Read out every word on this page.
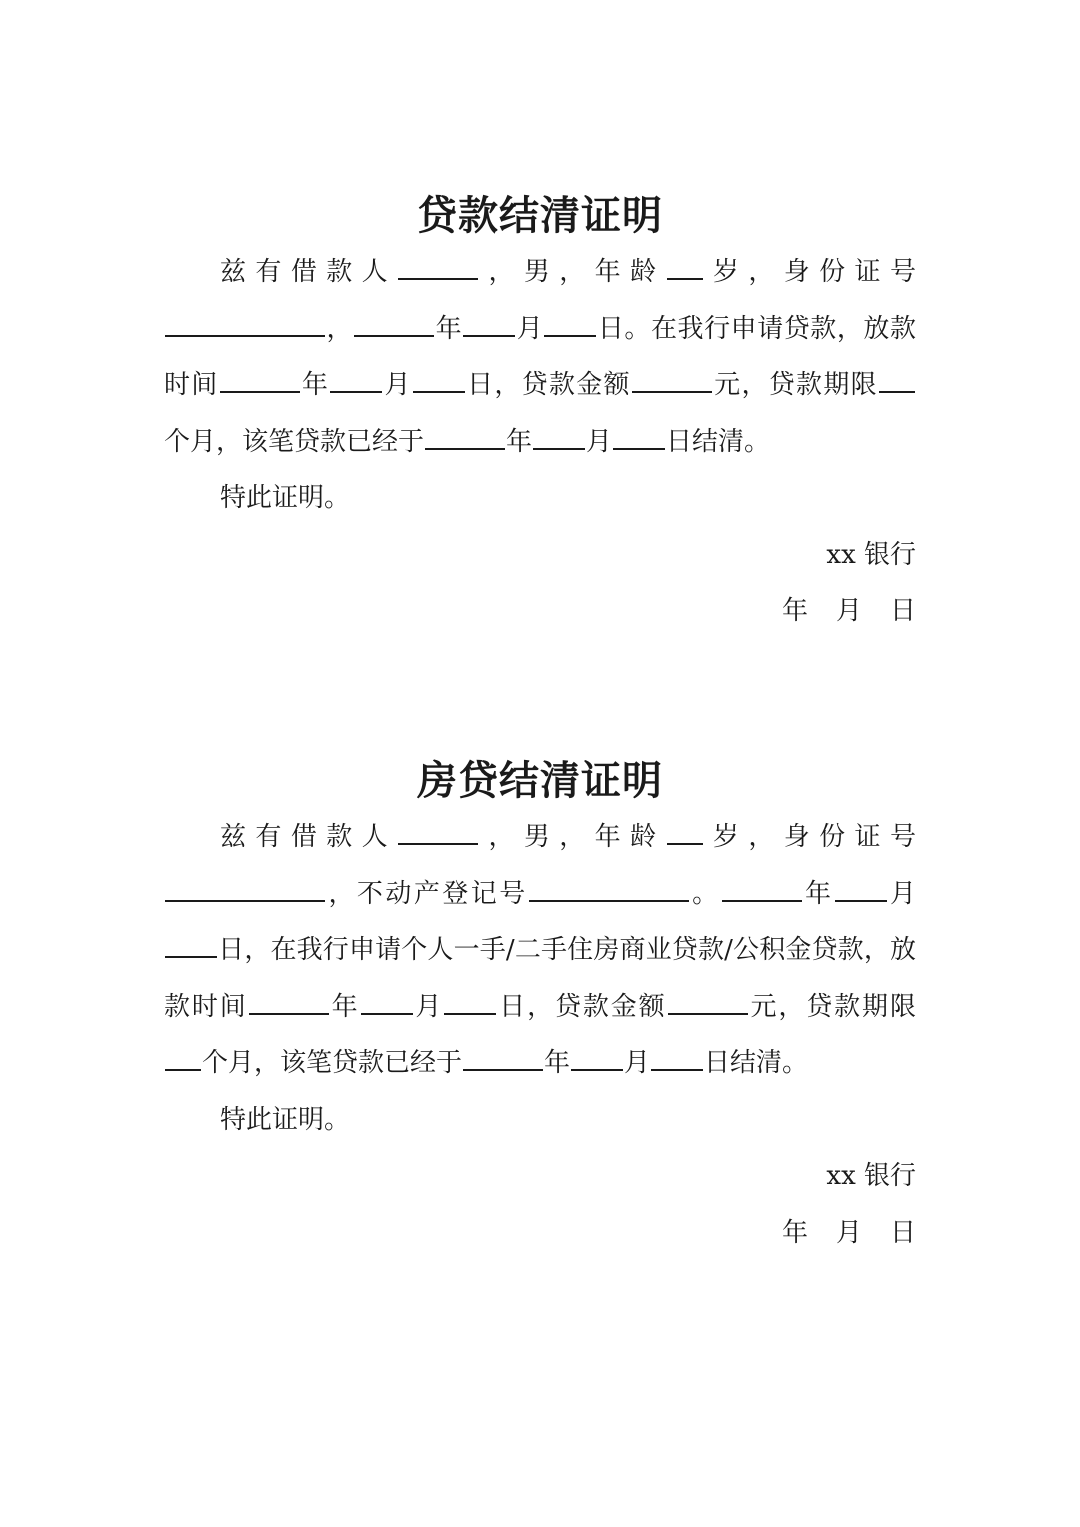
贷款结清证明

兹有借款人	，男，年龄 岁，身份证号，	年 月 日。在我行申请贷款，放款时间	年 月 日，贷款金额	元，贷款期限个月，该笔贷款已经于	年 月 日结清。

特此证明。

xx 银行

年 月 日

房贷结清证明

兹有借款人	，男，年龄 岁，身份证号，不动产登记号	。	年 月日，在我行申请个人一手/二手住房商业贷款/公积金贷款，放款时间	年 月 日，贷款金额	元，贷款期限个月，该笔贷款已经于	年 月 日结清。

特此证明。

xx 银行

年 月 日
